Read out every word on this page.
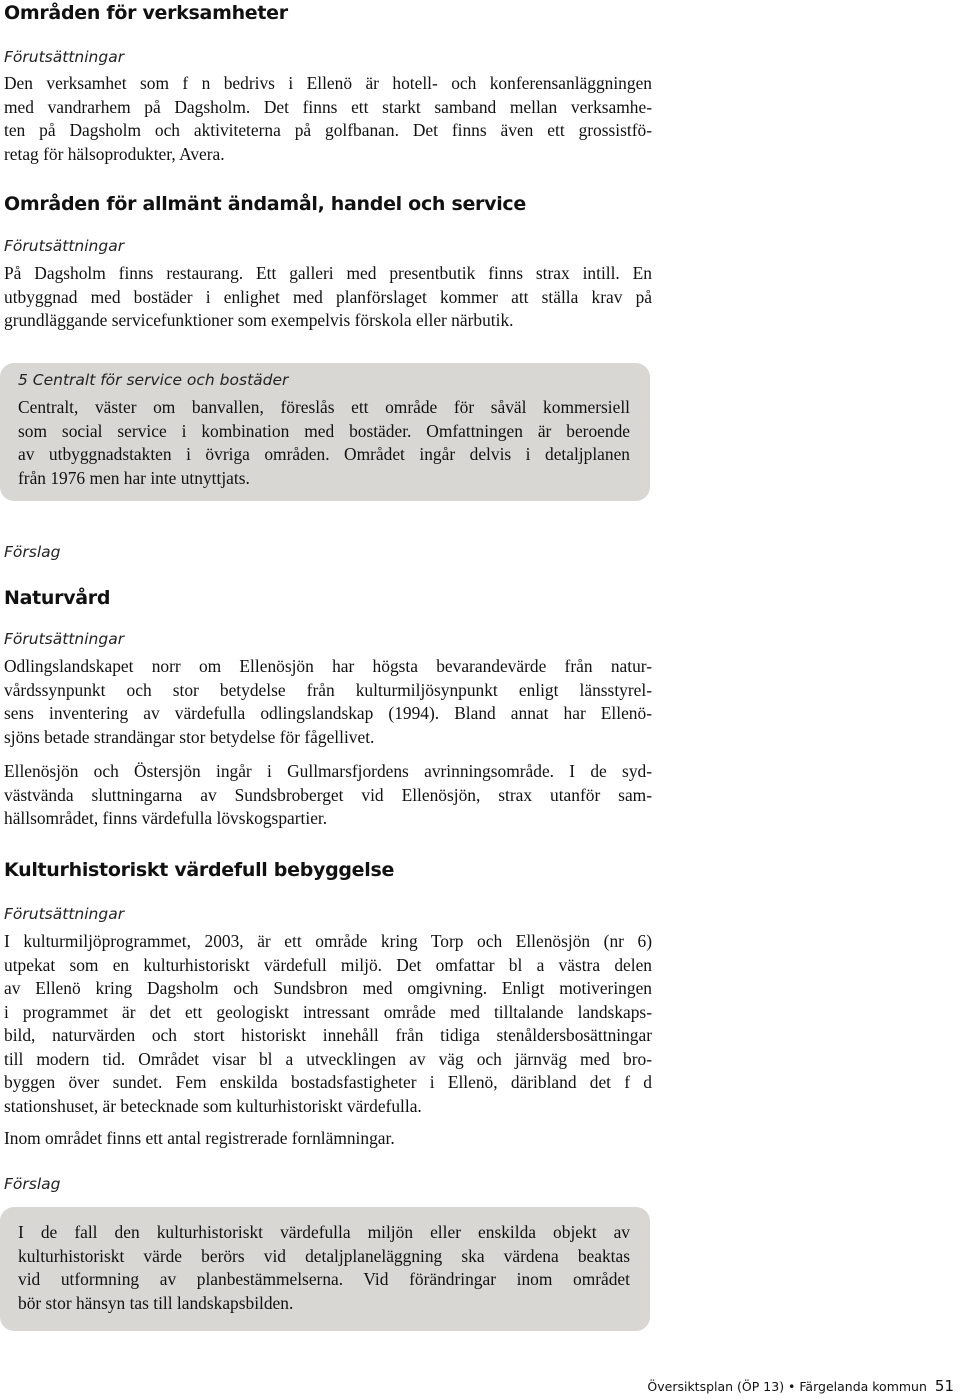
Områden för verksamheter
Förutsättningar
Den verksamhet som f n bedrivs i Ellenö är hotell- och konferensanläggningen
med vandrarhem på Dagsholm. Det finns ett starkt samband mellan verksamhe-
ten på Dagsholm och aktiviteterna på golfbanan. Det finns även ett grossistfö-
retag för hälsoprodukter, Avera.
Områden för allmänt ändamål, handel och service
Förutsättningar
På Dagsholm finns restaurang. Ett galleri med presentbutik finns strax intill. En
utbyggnad med bostäder i enlighet med planförslaget kommer att ställa krav på
grundläggande servicefunktioner som exempelvis förskola eller närbutik.
5 Centralt för service och bostäder
Centralt, väster om banvallen, föreslås ett område för såväl kommersiell
som social service i kombination med bostäder. Omfattningen är beroende
av utbyggnadstakten i övriga områden. Området ingår delvis i detaljplanen
från 1976 men har inte utnyttjats.
Förslag
Naturvård
Förutsättningar
Odlingslandskapet norr om Ellenösjön har högsta bevarandevärde från natur-
vårdssynpunkt och stor betydelse från kulturmiljösynpunkt enligt länsstyrel-
sens inventering av värdefulla odlingslandskap (1994). Bland annat har Ellenö-
sjöns betade strandängar stor betydelse för fågellivet.
Ellenösjön och Östersjön ingår i Gullmarsfjordens avrinningsområde. I de syd-
västvända sluttningarna av Sundsbroberget vid Ellenösjön, strax utanför sam-
hällsområdet, finns värdefulla lövskogspartier.
Kulturhistoriskt värdefull bebyggelse
Förutsättningar
I kulturmiljöprogrammet, 2003, är ett område kring Torp och Ellenösjön (nr 6)
utpekat som en kulturhistoriskt värdefull miljö. Det omfattar bl a västra delen
av Ellenö kring Dagsholm och Sundsbron med omgivning. Enligt motiveringen
i programmet är det ett geologiskt intressant område med tilltalande landskaps-
bild, naturvärden och stort historiskt innehåll från tidiga stenåldersbosättningar
till modern tid. Området visar bl a utvecklingen av väg och järnväg med bro-
byggen över sundet. Fem enskilda bostadsfastigheter i Ellenö, däribland det f d
stationshuset, är betecknade som kulturhistoriskt värdefulla.
Inom området finns ett antal registrerade fornlämningar.
Förslag
I de fall den kulturhistoriskt värdefulla miljön eller enskilda objekt av
kulturhistoriskt värde berörs vid detaljplaneläggning ska värdena beaktas
vid utformning av planbestämmelserna. Vid förändringar inom området
bör stor hänsyn tas till landskapsbilden.
Översiktsplan (ÖP 13) • Färgelanda kommun 51
